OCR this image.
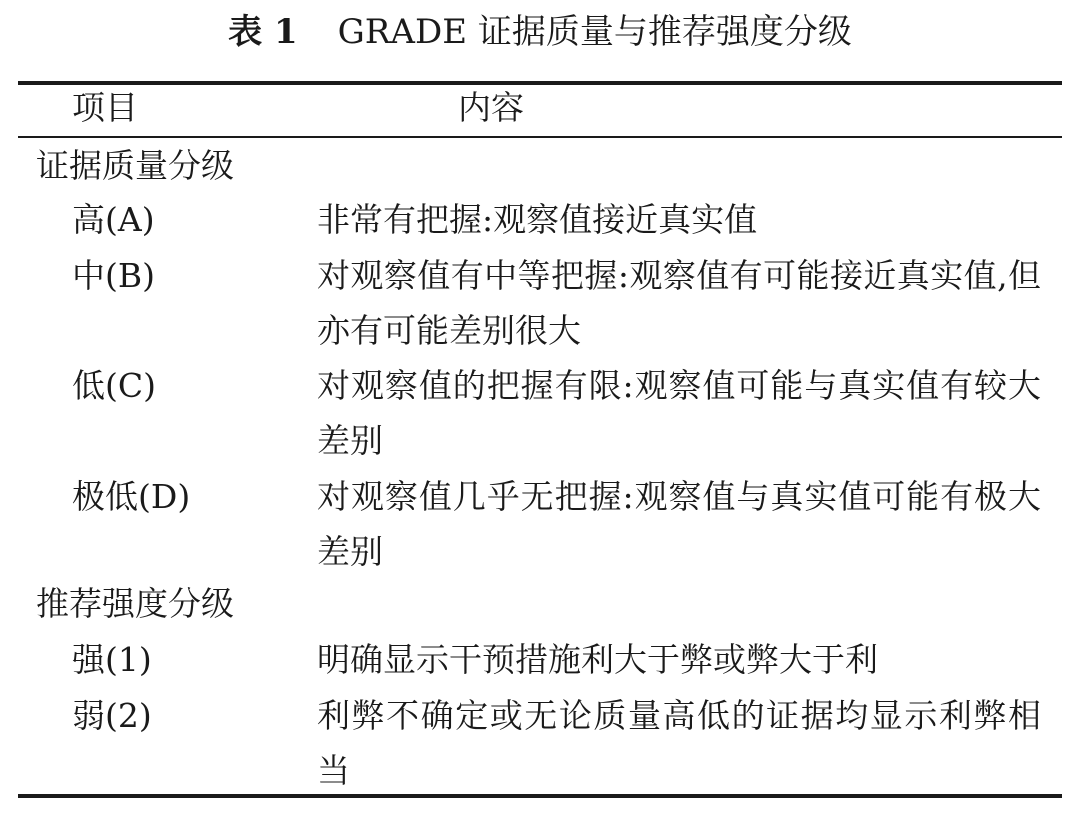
表 1 GRADE 证据质量与推荐强度分级
项目	内容
证据质量分级
高(A)	非常有把握:观察值接近真实值
中(B)	对观察值有中等把握:观察值有可能接近真实值,但亦有可能差别很大
低(C)	对观察值的把握有限:观察值可能与真实值有较大差别
极低(D)	对观察值几乎无把握:观察值与真实值可能有极大差别
推荐强度分级
强(1)	明确显示干预措施利大于弊或弊大于利
弱(2)	利弊不确定或无论质量高低的证据均显示利弊相当
